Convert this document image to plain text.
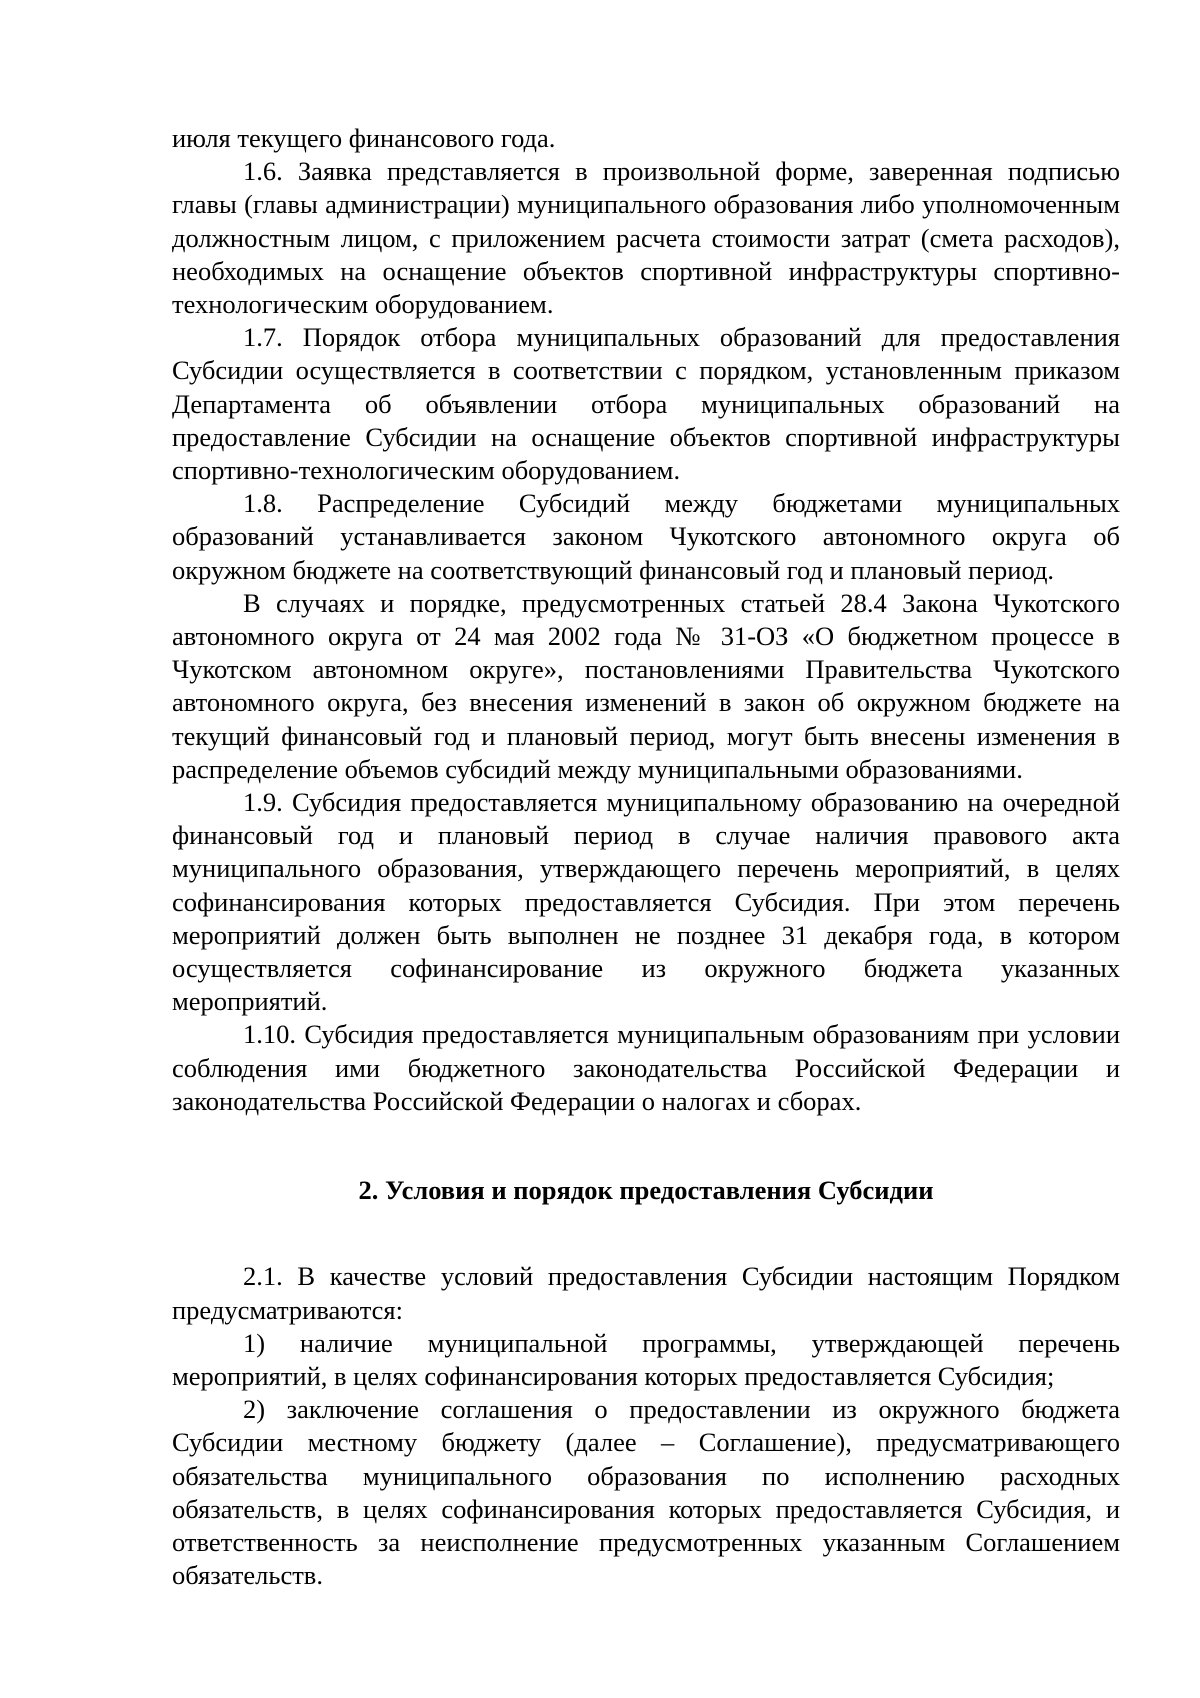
июля текущего финансового года.

1.6. Заявка представляется в произвольной форме, заверенная подписью главы (главы администрации) муниципального образования либо уполномоченным должностным лицом, с приложением расчета стоимости затрат (смета расходов), необходимых на оснащение объектов спортивной инфраструктуры спортивно-технологическим оборудованием.

1.7. Порядок отбора муниципальных образований для предоставления Субсидии осуществляется в соответствии с порядком, установленным приказом Департамента об объявлении отбора муниципальных образований на предоставление Субсидии на оснащение объектов спортивной инфраструктуры спортивно-технологическим оборудованием.

1.8. Распределение Субсидий между бюджетами муниципальных образований устанавливается законом Чукотского автономного округа об окружном бюджете на соответствующий финансовый год и плановый период.

В случаях и порядке, предусмотренных статьей 28.4 Закона Чукотского автономного округа от 24 мая 2002 года № 31-ОЗ «О бюджетном процессе в Чукотском автономном округе», постановлениями Правительства Чукотского автономного округа, без внесения изменений в закон об окружном бюджете на текущий финансовый год и плановый период, могут быть внесены изменения в распределение объемов субсидий между муниципальными образованиями.

1.9. Субсидия предоставляется муниципальному образованию на очередной финансовый год и плановый период в случае наличия правового акта муниципального образования, утверждающего перечень мероприятий, в целях софинансирования которых предоставляется Субсидия. При этом перечень мероприятий должен быть выполнен не позднее 31 декабря года, в котором осуществляется софинансирование из окружного бюджета указанных мероприятий.

1.10. Субсидия предоставляется муниципальным образованиям при условии соблюдения ими бюджетного законодательства Российской Федерации и законодательства Российской Федерации о налогах и сборах.

2. Условия и порядок предоставления Субсидии

2.1. В качестве условий предоставления Субсидии настоящим Порядком предусматриваются:

1) наличие муниципальной программы, утверждающей перечень мероприятий, в целях софинансирования которых предоставляется Субсидия;

2) заключение соглашения о предоставлении из окружного бюджета Субсидии местному бюджету (далее – Соглашение), предусматривающего обязательства муниципального образования по исполнению расходных обязательств, в целях софинансирования которых предоставляется Субсидия, и ответственность за неисполнение предусмотренных указанным Соглашением обязательств.
